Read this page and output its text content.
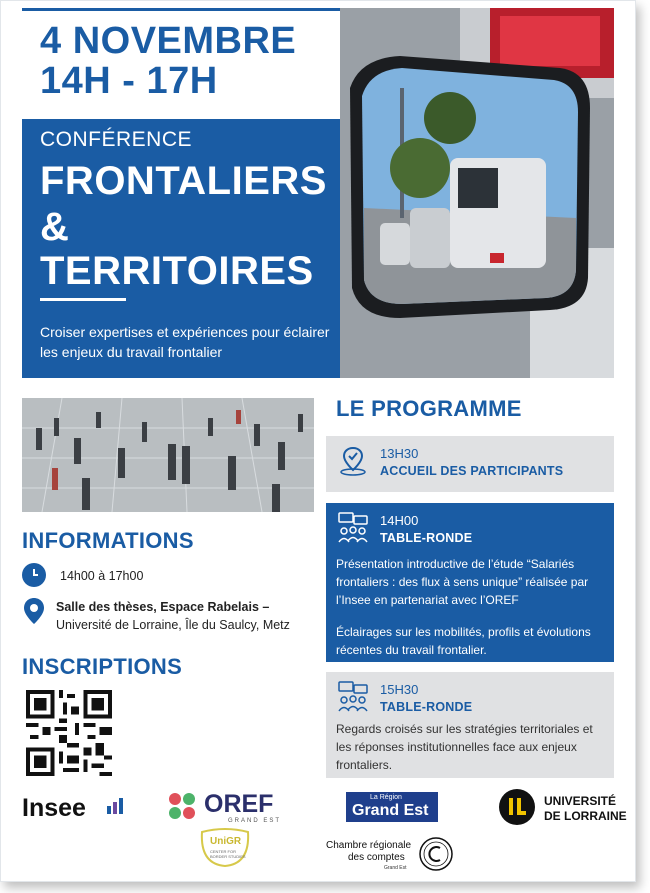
4 NOVEMBRE
14H - 17H
CONFÉRENCE
FRONTALIERS
&
TERRITOIRES
Croiser expertises et expériences pour éclairer les enjeux du travail frontalier
INFORMATIONS
14h00 à 17h00
Salle des thèses, Espace Rabelais –
Université de Lorraine, Île du Saulcy, Metz
INSCRIPTIONS
LE PROGRAMME
13H30
ACCUEIL DES PARTICIPANTS
14H00
TABLE-RONDE
Présentation introductive de l’étude “Salariés frontaliers : des flux à sens unique” réalisée par l’Insee en partenariat avec l’OREF
Éclairages sur les mobilités, profils et évolutions récentes du travail frontalier.
15H30
TABLE-RONDE
Regards croisés sur les stratégies territoriales et les réponses institutionnelles face aux enjeux frontaliers.
Insee	OREF
GRAND EST
UniGR
CENTER FOR BORDER STUDIES
La Région
Grand Est
UNIVERSITÉ
DE LORRAINE
Chambre régionale
des comptes
Grand Est
